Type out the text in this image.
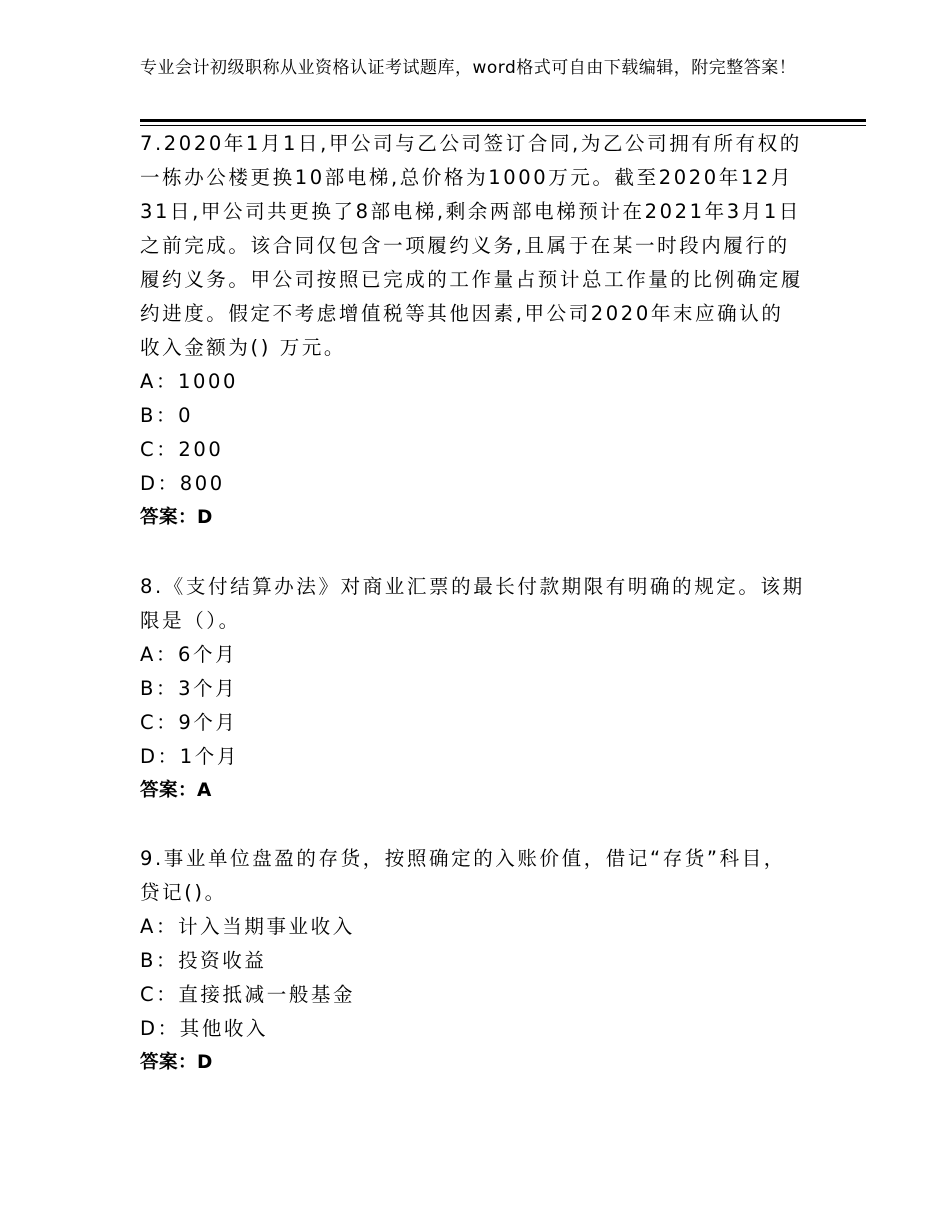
专业会计初级职称从业资格认证考试题库，word格式可自由下载编辑，附完整答案！

7.2020年1月1日,甲公司与乙公司签订合同,为乙公司拥有所有权的一栋办公楼更换10部电梯,总价格为1000万元。截至2020年12月31日,甲公司共更换了8部电梯,剩余两部电梯预计在2021年3月1日之前完成。该合同仅包含一项履约义务,且属于在某一时段内履行的履约义务。甲公司按照已完成的工作量占预计总工作量的比例确定履约进度。假定不考虑增值税等其他因素,甲公司2020年末应确认的收入金额为() 万元。

A：1000

B：0

C：200

D：800

答案：D

8.《支付结算办法》对商业汇票的最长付款期限有明确的规定。该期限是（）。

A：6个月

B：3个月

C：9个月

D：1个月

答案：A

9.事业单位盘盈的存货，按照确定的入账价值，借记“存货”科目，贷记()。

A：计入当期事业收入

B：投资收益

C：直接抵减一般基金

D：其他收入

答案：D
